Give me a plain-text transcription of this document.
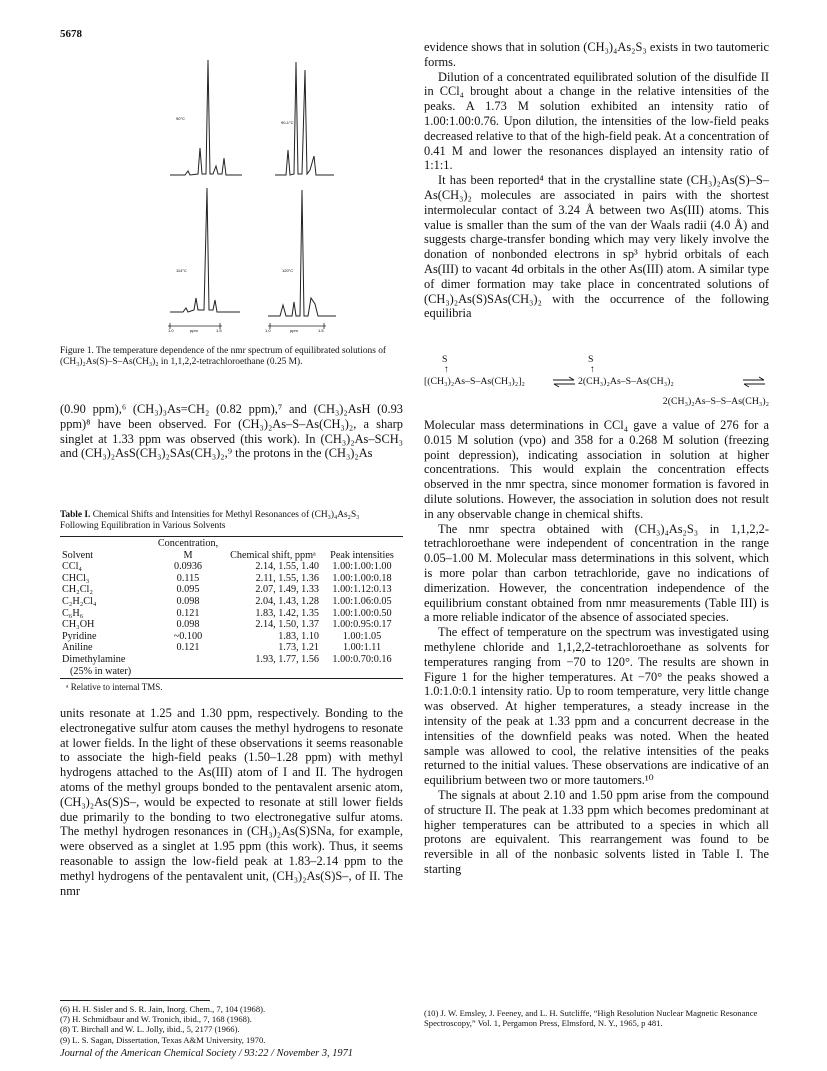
5678
90°C
90-1°C
114°C	120°C
1.0	ppm	1.5	1.0	ppm	1.5
Figure 1. The temperature dependence of the nmr spectrum of equilibrated solutions of (CH₃)₂As(S)–S–As(CH₃)₂ in 1,1,2,2-tetrachloroethane (0.25 M).

(0.90 ppm),⁶ (CH₃)₃As=CH₂ (0.82 ppm),⁷ and (CH₃)₂AsH (0.93 ppm)⁸ have been observed. For (CH₃)₂As–S–As(CH₃)₂, a sharp singlet at 1.33 ppm was observed (this work). In (CH₃)₂As–SCH₃ and (CH₃)₂AsS(CH₃)₂SAs(CH₃)₂,⁹ the protons in the (CH₃)₂As

Table I. Chemical Shifts and Intensities for Methyl Resonances of (CH₃)₄As₂S₃ Following Equilibration in Various Solvents
Solvent	Concentration, M	Chemical shift, ppmᵃ	Peak intensities
CCl₄	0.0936	2.14, 1.55, 1.40	1.00:1.00:1.00
CHCl₃	0.115	2.11, 1.55, 1.36	1.00:1.00:0.18
CH₂Cl₂	0.095	2.07, 1.49, 1.33	1.00:1.12:0.13
C₂H₂Cl₄	0.098	2.04, 1.43, 1.28	1.00:1.06:0.05
C₆H₆	0.121	1.83, 1.42, 1.35	1.00:1.00:0.50
CH₃OH	0.098	2.14, 1.50, 1.37	1.00:0.95:0.17
Pyridine	~0.100	1.83, 1.10	1.00:1.05
Aniline	0.121	1.73, 1.21	1.00:1.11
Dimethylamine		1.93, 1.77, 1.56	1.00:0.70:0.16
(25% in water)			
ᵃ Relative to internal TMS.

units resonate at 1.25 and 1.30 ppm, respectively. Bonding to the electronegative sulfur atom causes the methyl hydrogens to resonate at lower fields. In the light of these observations it seems reasonable to associate the high-field peaks (1.50–1.28 ppm) with methyl hydrogens attached to the As(III) atom of I and II. The hydrogen atoms of the methyl groups bonded to the pentavalent arsenic atom, (CH₃)₂As(S)S–, would be expected to resonate at still lower fields due primarily to the bonding to two electronegative sulfur atoms. The methyl hydrogen resonances in (CH₃)₂As(S)SNa, for example, were observed as a singlet at 1.95 ppm (this work). Thus, it seems reasonable to assign the low-field peak at 1.83–2.14 ppm to the methyl hydrogens of the pentavalent unit, (CH₃)₂As(S)S–, of II. The nmr

(6) H. H. Sisler and S. R. Jain, Inorg. Chem., 7, 104 (1968).
(7) H. Schmidbaur and W. Tronich, ibid., 7, 168 (1968).
(8) T. Birchall and W. L. Jolly, ibid., 5, 2177 (1966).
(9) L. S. Sagan, Dissertation, Texas A&M University, 1970.

evidence shows that in solution (CH₃)₄As₂S₃ exists in two tautomeric forms.

Dilution of a concentrated equilibrated solution of the disulfide II in CCl₄ brought about a change in the relative intensities of the peaks. A 1.73 M solution exhibited an intensity ratio of 1.00:1.00:0.76. Upon dilution, the intensities of the low-field peaks decreased relative to that of the high-field peak. At a concentration of 0.41 M and lower the resonances displayed an intensity ratio of 1:1:1.

It has been reported⁴ that in the crystalline state (CH₃)₂As(S)–S–As(CH₃)₂ molecules are associated in pairs with the shortest intermolecular contact of 3.24 Å between two As(III) atoms. This value is smaller than the sum of the van der Waals radii (4.0 Å) and suggests charge-transfer bonding which may very likely involve the donation of nonbonded electrons in sp³ hybrid orbitals of each As(III) to vacant 4d orbitals in the other As(III) atom. A similar type of dimer formation may take place in concentrated solutions of (CH₃)₂As(S)SAs(CH₃)₂ with the occurrence of the following equilibria

S
↑
S
↑
[(CH₃)₂As–S–As(CH₃)₂]₂	⇌ 2(CH₃)₂As–S–As(CH₃)₂
2(CH₃)₂As–S–S–As(CH₃)₂

Molecular mass determinations in CCl₄ gave a value of 276 for a 0.015 M solution (vpo) and 358 for a 0.268 M solution (freezing point depression), indicating association in solution at higher concentrations. This would explain the concentration effects observed in the nmr spectra, since monomer formation is favored in dilute solutions. However, the association in solution does not result in any observable change in chemical shifts.

The nmr spectra obtained with (CH₃)₄As₂S₃ in 1,1,2,2-tetrachloroethane were independent of concentration in the range 0.05–1.00 M. Molecular mass determinations in this solvent, which is more polar than carbon tetrachloride, gave no indications of dimerization. However, the concentration independence of the equilibrium constant obtained from nmr measurements (Table III) is a more reliable indicator of the absence of associated species.

The effect of temperature on the spectrum was investigated using methylene chloride and 1,1,2,2-tetrachloroethane as solvents for temperatures ranging from −70 to 120°. The results are shown in Figure 1 for the higher temperatures. At −70° the peaks showed a 1.0:1.0:0.1 intensity ratio. Up to room temperature, very little change was observed. At higher temperatures, a steady increase in the intensity of the peak at 1.33 ppm and a concurrent decrease in the intensities of the downfield peaks was noted. When the heated sample was allowed to cool, the relative intensities of the peaks returned to the initial values. These observations are indicative of an equilibrium between two or more tautomers.¹⁰

The signals at about 2.10 and 1.50 ppm arise from the compound of structure II. The peak at 1.33 ppm which becomes predominant at higher temperatures can be attributed to a species in which all protons are equivalent. This rearrangement was found to be reversible in all of the nonbasic solvents listed in Table I. The starting

(10) J. W. Emsley, J. Feeney, and L. H. Sutcliffe, “High Resolution Nuclear Magnetic Resonance Spectroscopy,” Vol. 1, Pergamon Press, Elmsford, N. Y., 1965, p 481.
Journal of the American Chemical Society / 93:22 / November 3, 1971
